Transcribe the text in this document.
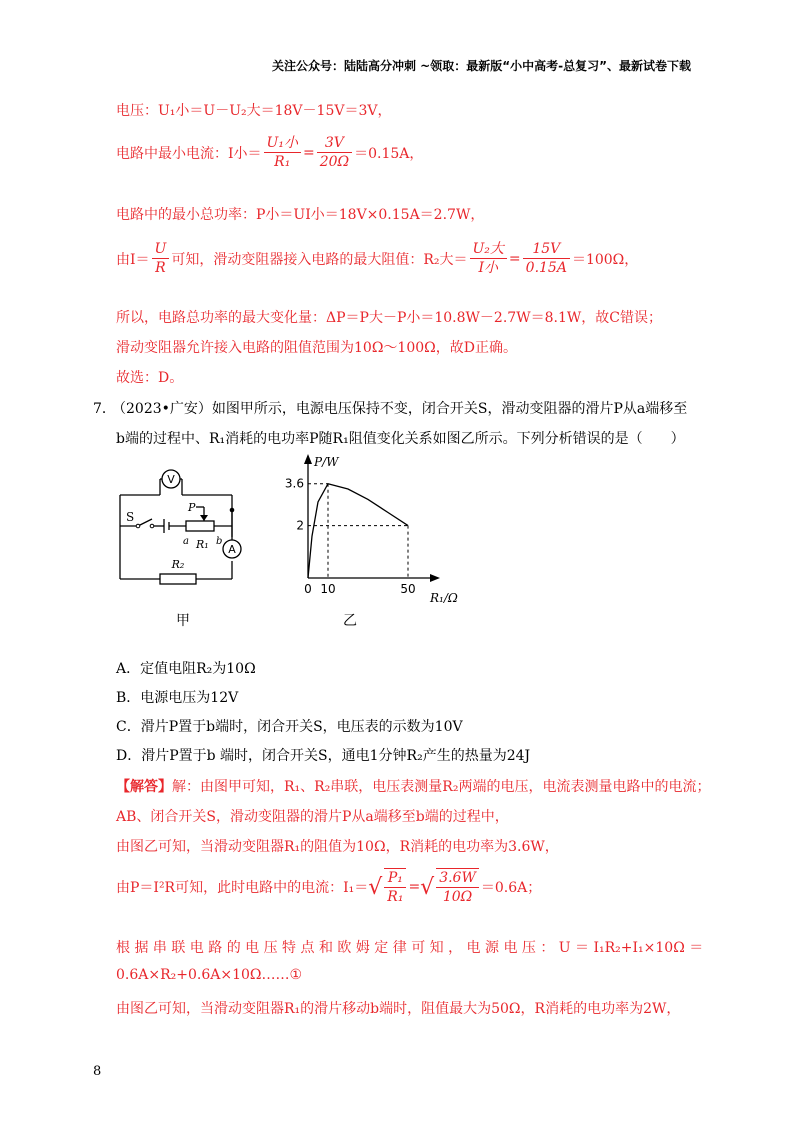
关注公众号：陆陆高分冲刺 ~领取：最新版“小中高考-总复习”、最新试卷下载
电压：U₁小＝U－U₂大＝18V－15V＝3V，
电路中最小电流：I小＝ $\frac{\text{U₁小}}{\text{R₁}} = \frac{3V}{20\Omega} =0.15A$，
电路中的最小总功率：P小＝UI小＝18V×0.15A＝2.7W，
由$I= \frac{U}{R}$ 可知，滑动变阻器接入电路的最大阻值：R₂大＝ $\frac{\text{U₂大}}{\text{I小}} = \frac{15V}{0.15A} =100\Omega$，
所以，电路总功率的最大变化量：ΔP＝P大－P小＝10.8W－2.7W＝8.1W，故C错误；
滑动变阻器允许接入电路的阻值范围为10Ω～100Ω，故D正确。
故选：D。
7．
（2023•广安）如图甲所示，电源电压保持不变，闭合开关S，滑动变阻器的滑片P从a端移至
b端的过程中、R₁消耗的电功率P随R₁阻值变化关系如图乙所示。下列分析错误的是（　　）
V
A
R₂
S
P
a R₁ b
甲
0 10	50
2
3.6
P/W
R₁/Ω
乙
A．定值电阻R₂为10Ω
B．电源电压为12V
C．滑片P置于b端时，闭合开关S，电压表的示数为10V
D．滑片P置于b 端时，闭合开关S，通电1分钟R₂产生的热量为24J
【解答】解：由图甲可知，R₁、R₂串联，电压表测量R₂两端的电压，电流表测量电路中的电流；
AB、闭合开关S，滑动变阻器的滑片P从a端移至b端的过程中，
由图乙可知，当滑动变阻器R₁的阻值为10Ω，R消耗的电功率为3.6W，
由P＝I²R可知，此时电路中的电流：I₁＝ √ $\frac{\text{P₁}}{\text{R₁}}$ = √ $\frac{3.6W}{10\Omega} =0.6A$；
根 据 串 联 电 路 的 电 压 特 点 和 欧 姆 定 律 可 知 ， 电 源 电 压 ： U ＝ I₁R₂+I₁×10Ω ＝
0.6A×R₂+0.6A×10Ω……①
由图乙可知，当滑动变阻器R₁的滑片移动b端时，阻值最大为50Ω，R消耗的电功率为2W，
8
